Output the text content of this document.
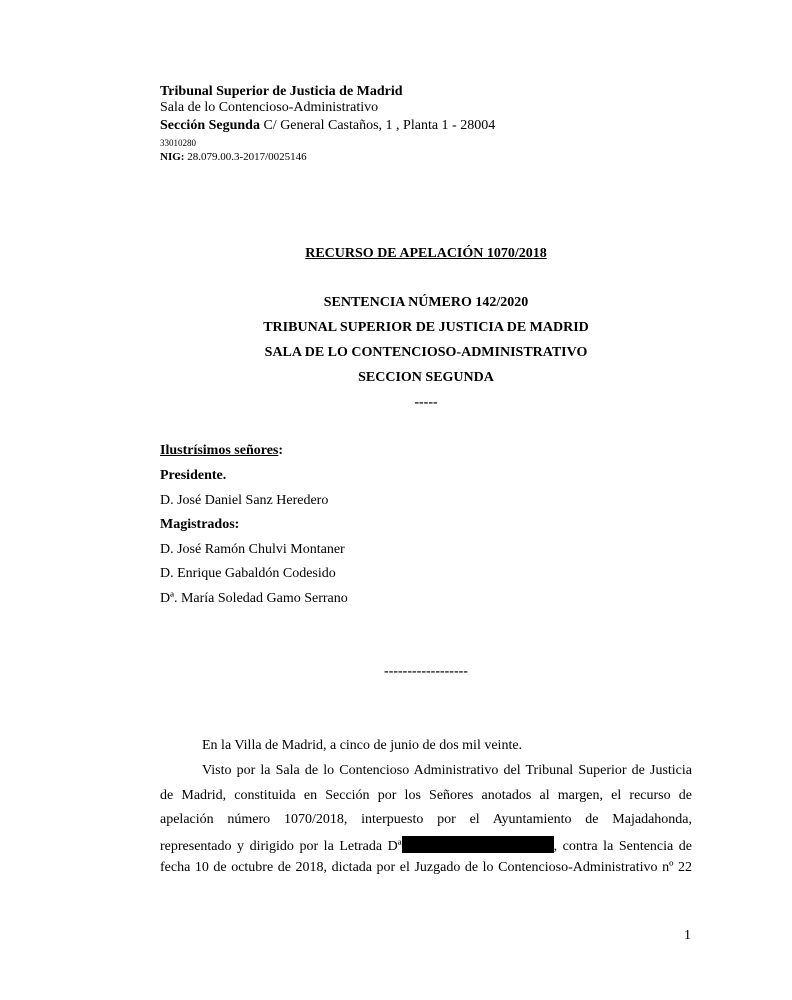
Tribunal Superior de Justicia de Madrid
Sala de lo Contencioso-Administrativo
Sección Segunda C/ General Castaños, 1 , Planta 1 - 28004
33010280
NIG: 28.079.00.3-2017/0025146
RECURSO DE APELACIÓN 1070/2018
SENTENCIA NÚMERO 142/2020
TRIBUNAL SUPERIOR DE JUSTICIA DE MADRID
SALA DE LO CONTENCIOSO-ADMINISTRATIVO
SECCION SEGUNDA
-----
Ilustrísimos señores:
Presidente.
D. José Daniel Sanz Heredero
Magistrados:
D. José Ramón Chulvi Montaner
D. Enrique Gabaldón Codesido
Dª. María Soledad Gamo Serrano
------------------
En la Villa de Madrid, a cinco de junio de dos mil veinte.
Visto por la Sala de lo Contencioso Administrativo del Tribunal Superior de Justicia
de Madrid, constituida en Sección por los Señores anotados al margen, el recurso de
apelación número 1070/2018, interpuesto por el Ayuntamiento de Majadahonda,
representado y dirigido por la Letrada Dª	, contra la Sentencia de
fecha 10 de octubre de 2018, dictada por el Juzgado de lo Contencioso-Administrativo nº 22
1
